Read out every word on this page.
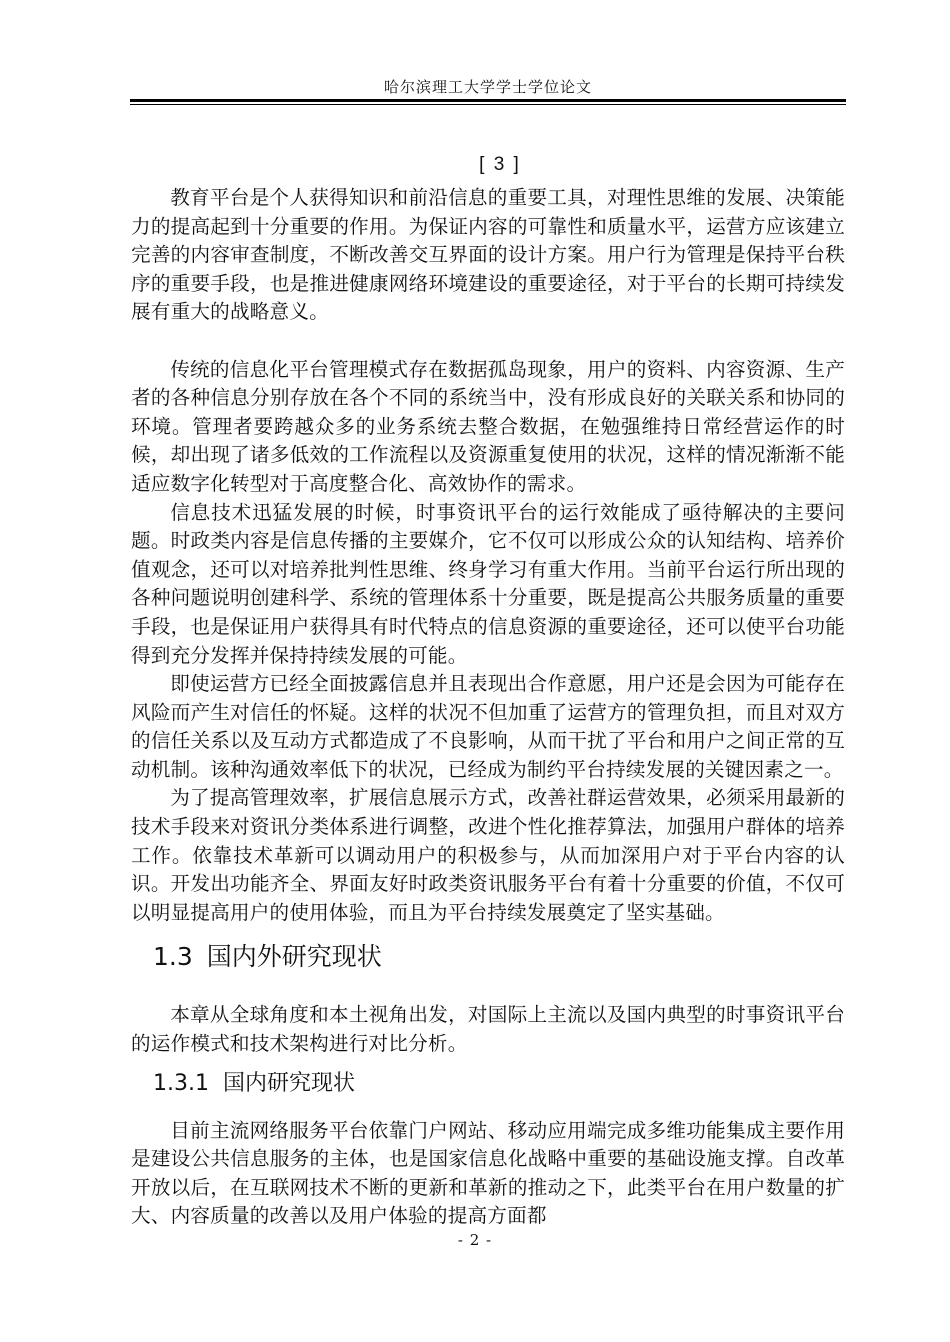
哈尔滨理工大学学士学位论文
[ 3 ]

教育平台是个人获得知识和前沿信息的重要工具，对理性思维的发展、决策能力的提高起到十分重要的作用。为保证内容的可靠性和质量水平，运营方应该建立完善的内容审查制度，不断改善交互界面的设计方案。用户行为管理是保持平台秩序的重要手段，也是推进健康网络环境建设的重要途径，对于平台的长期可持续发展有重大的战略意义。

传统的信息化平台管理模式存在数据孤岛现象，用户的资料、内容资源、生产者的各种信息分别存放在各个不同的系统当中，没有形成良好的关联关系和协同的环境。管理者要跨越众多的业务系统去整合数据，在勉强维持日常经营运作的时候，却出现了诸多低效的工作流程以及资源重复使用的状况，这样的情况渐渐不能适应数字化转型对于高度整合化、高效协作的需求。

信息技术迅猛发展的时候，时事资讯平台的运行效能成了亟待解决的主要问题。时政类内容是信息传播的主要媒介，它不仅可以形成公众的认知结构、培养价值观念，还可以对培养批判性思维、终身学习有重大作用。当前平台运行所出现的各种问题说明创建科学、系统的管理体系十分重要，既是提高公共服务质量的重要手段，也是保证用户获得具有时代特点的信息资源的重要途径，还可以使平台功能得到充分发挥并保持持续发展的可能。

即使运营方已经全面披露信息并且表现出合作意愿，用户还是会因为可能存在风险而产生对信任的怀疑。这样的状况不但加重了运营方的管理负担，而且对双方的信任关系以及互动方式都造成了不良影响，从而干扰了平台和用户之间正常的互动机制。该种沟通效率低下的状况，已经成为制约平台持续发展的关键因素之一。

为了提高管理效率，扩展信息展示方式，改善社群运营效果，必须采用最新的技术手段来对资讯分类体系进行调整，改进个性化推荐算法，加强用户群体的培养工作。依靠技术革新可以调动用户的积极参与，从而加深用户对于平台内容的认识。开发出功能齐全、界面友好时政类资讯服务平台有着十分重要的价值，不仅可以明显提高用户的使用体验，而且为平台持续发展奠定了坚实基础。

1.3 国内外研究现状

本章从全球角度和本土视角出发，对国际上主流以及国内典型的时事资讯平台的运作模式和技术架构进行对比分析。

1.3.1 国内研究现状

目前主流网络服务平台依靠门户网站、移动应用端完成多维功能集成主要作用是建设公共信息服务的主体，也是国家信息化战略中重要的基础设施支撑。自改革开放以后，在互联网技术不断的更新和革新的推动之下，此类平台在用户数量的扩大、内容质量的改善以及用户体验的提高方面都

- 2 -
